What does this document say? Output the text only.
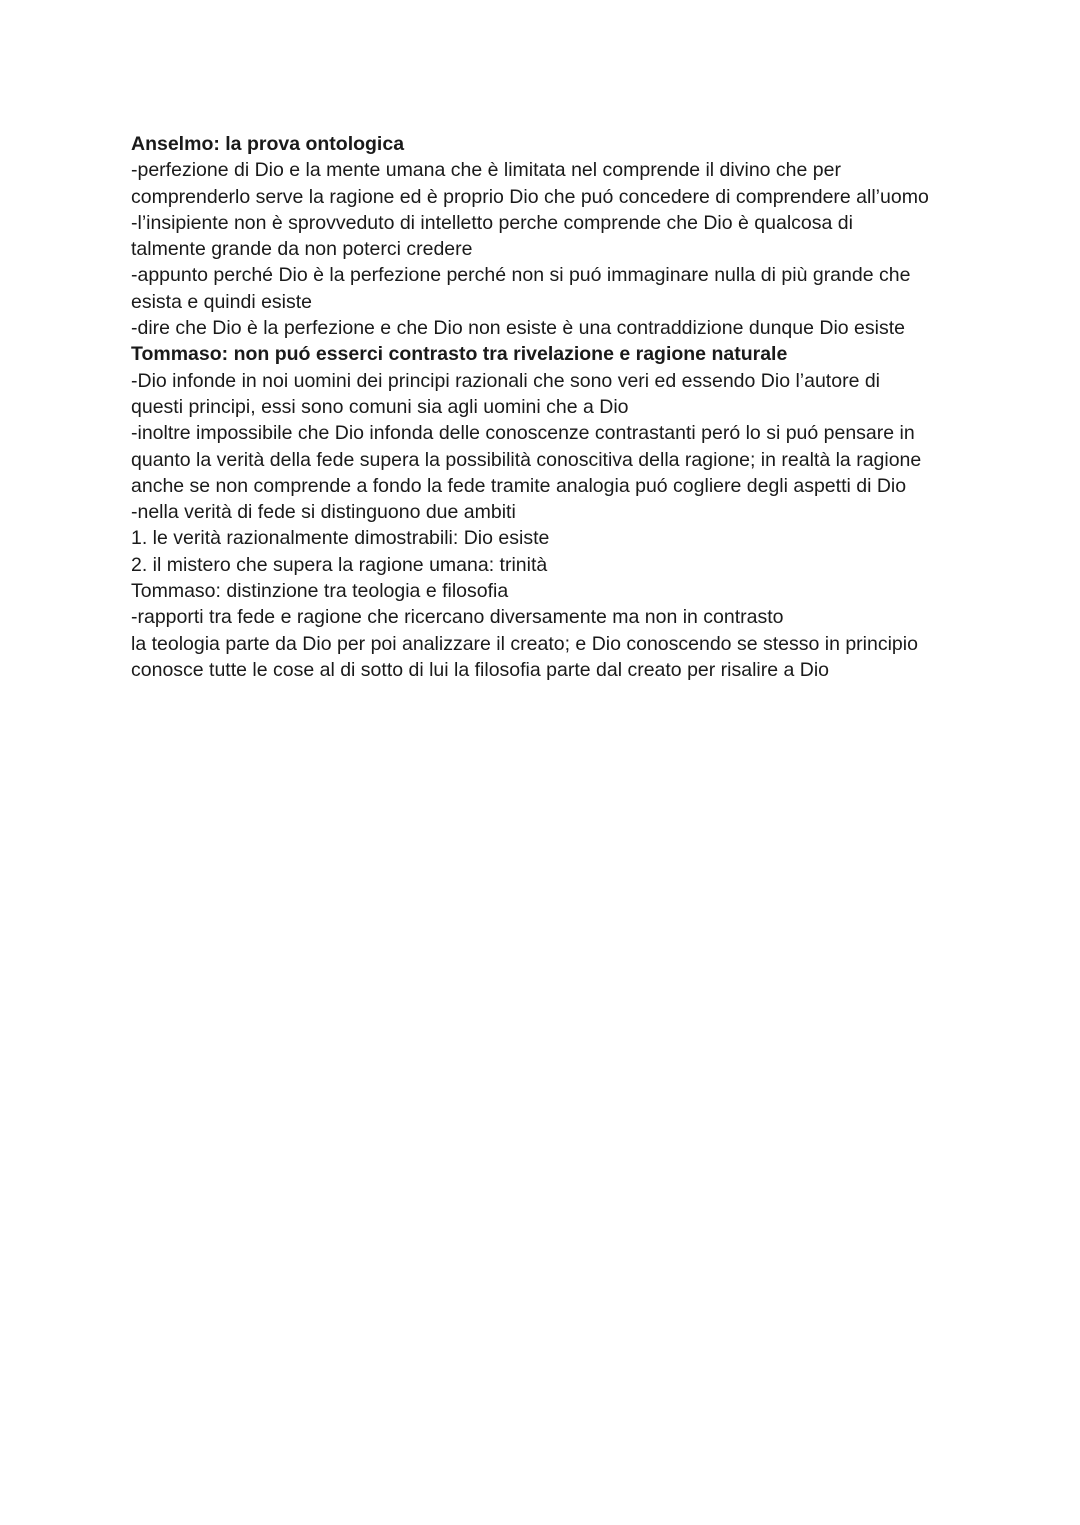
Anselmo: la prova ontologica
-perfezione di Dio e la mente umana che è limitata nel comprende il divino che per
comprenderlo serve la ragione ed è proprio Dio che puó concedere di comprendere all’uomo
-l’insipiente non è sprovveduto di intelletto perche comprende che Dio è qualcosa di
talmente grande da non poterci credere
-appunto perché Dio è la perfezione perché non si puó immaginare nulla di più grande che
esista e quindi esiste
-dire che Dio è la perfezione e che Dio non esiste è una contraddizione dunque Dio esiste
Tommaso: non puó esserci contrasto tra rivelazione e ragione naturale
-Dio infonde in noi uomini dei principi razionali che sono veri ed essendo Dio l’autore di
questi principi, essi sono comuni sia agli uomini che a Dio
-inoltre impossibile che Dio infonda delle conoscenze contrastanti peró lo si puó pensare in
quanto la verità della fede supera la possibilità conoscitiva della ragione; in realtà la ragione
anche se non comprende a fondo la fede tramite analogia puó cogliere degli aspetti di Dio
-nella verità di fede si distinguono due ambiti
1. le verità razionalmente dimostrabili: Dio esiste
2. il mistero che supera la ragione umana: trinità
Tommaso: distinzione tra teologia e filosofia
-rapporti tra fede e ragione che ricercano diversamente ma non in contrasto
la teologia parte da Dio per poi analizzare il creato; e Dio conoscendo se stesso in principio
conosce tutte le cose al di sotto di lui la filosofia parte dal creato per risalire a Dio
